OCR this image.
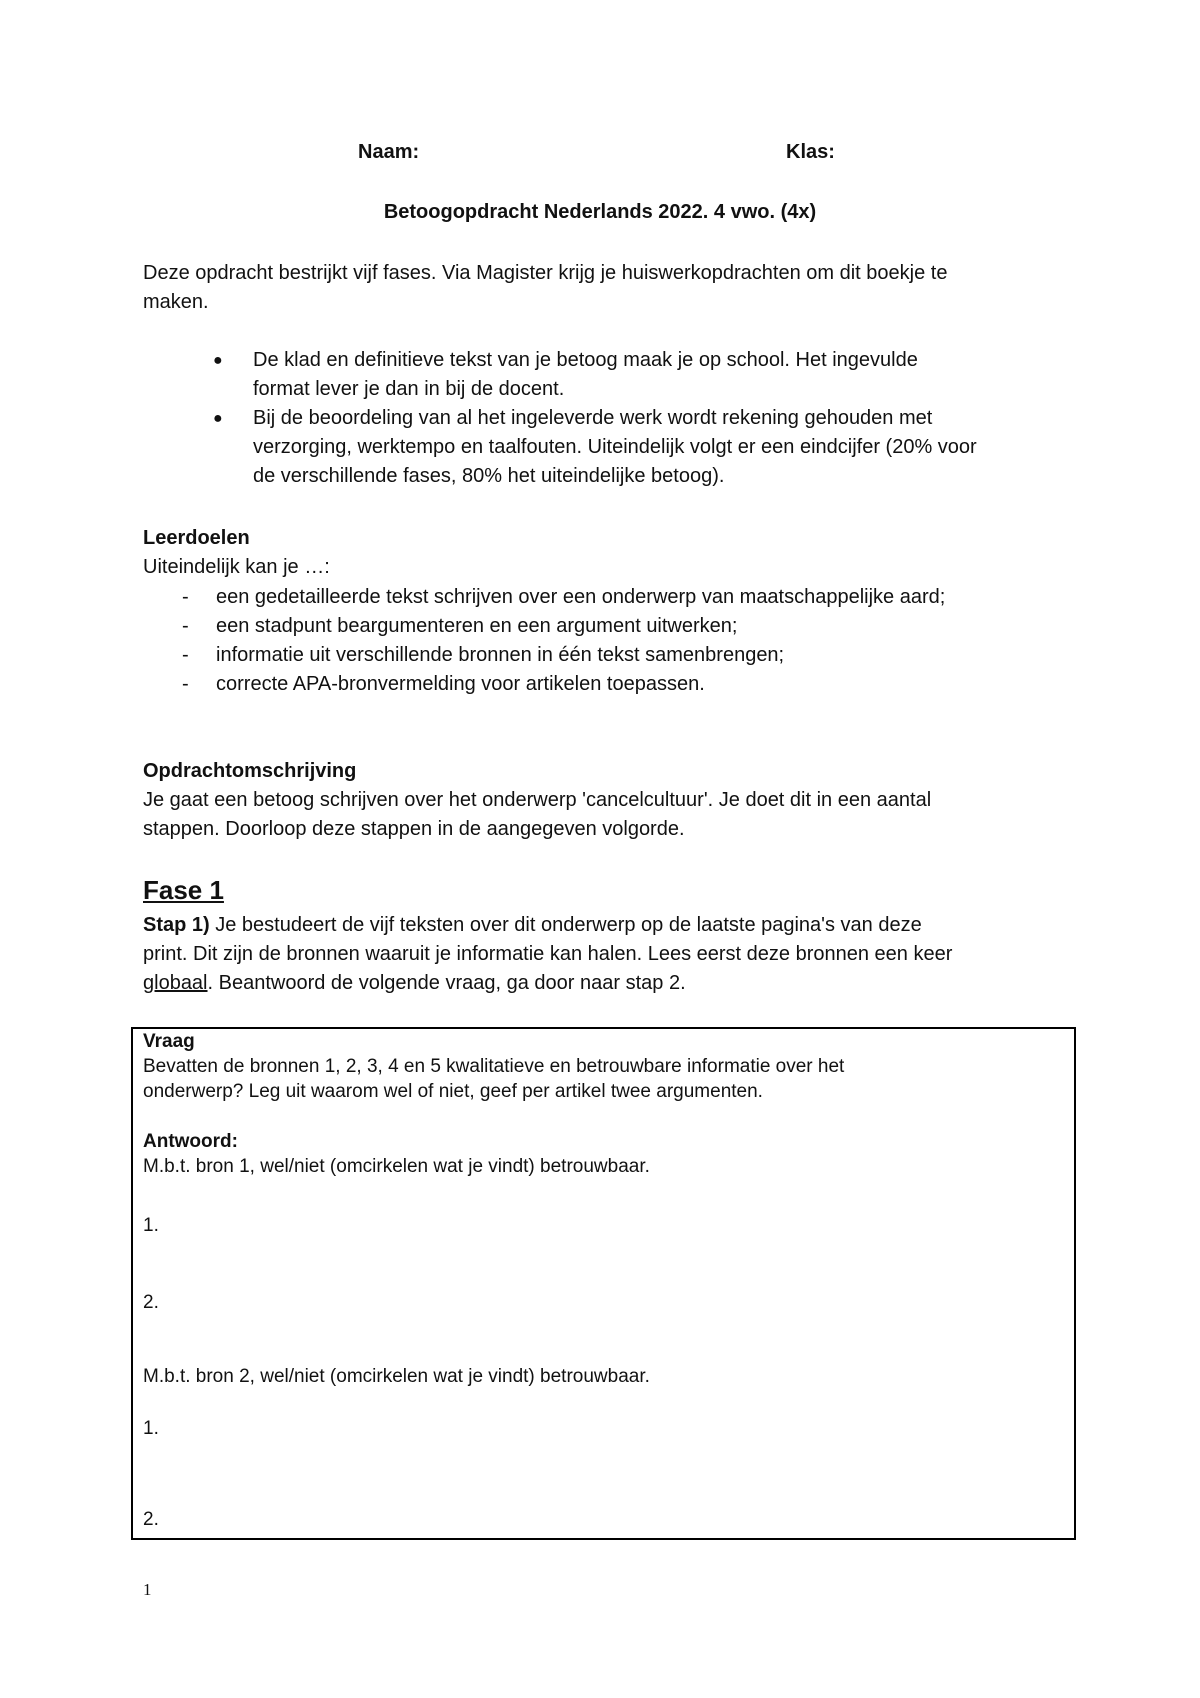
Naam:	Klas:
Betoogopdracht Nederlands 2022. 4 vwo. (4x)
Deze opdracht bestrijkt vijf fases. Via Magister krijg je huiswerkopdrachten om dit boekje te
maken.
● De klad en definitieve tekst van je betoog maak je op school. Het ingevulde
format lever je dan in bij de docent.
● Bij de beoordeling van al het ingeleverde werk wordt rekening gehouden met
verzorging, werktempo en taalfouten. Uiteindelijk volgt er een eindcijfer (20% voor
de verschillende fases, 80% het uiteindelijke betoog).
Leerdoelen
Uiteindelijk kan je …:
- een gedetailleerde tekst schrijven over een onderwerp van maatschappelijke aard;
- een stadpunt beargumenteren en een argument uitwerken;
- informatie uit verschillende bronnen in één tekst samenbrengen;
- correcte APA-bronvermelding voor artikelen toepassen.
Opdrachtomschrijving
Je gaat een betoog schrijven over het onderwerp 'cancelcultuur'. Je doet dit in een aantal
stappen. Doorloop deze stappen in de aangegeven volgorde.
Fase 1
Stap 1) Je bestudeert de vijf teksten over dit onderwerp op de laatste pagina's van deze
print. Dit zijn de bronnen waaruit je informatie kan halen. Lees eerst deze bronnen een keer
globaal. Beantwoord de volgende vraag, ga door naar stap 2.
Vraag
Bevatten de bronnen 1, 2, 3, 4 en 5 kwalitatieve en betrouwbare informatie over het
onderwerp? Leg uit waarom wel of niet, geef per artikel twee argumenten.
Antwoord:
M.b.t. bron 1, wel/niet (omcirkelen wat je vindt) betrouwbaar.
1.
2.
M.b.t. bron 2, wel/niet (omcirkelen wat je vindt) betrouwbaar.
1.
2.
1
